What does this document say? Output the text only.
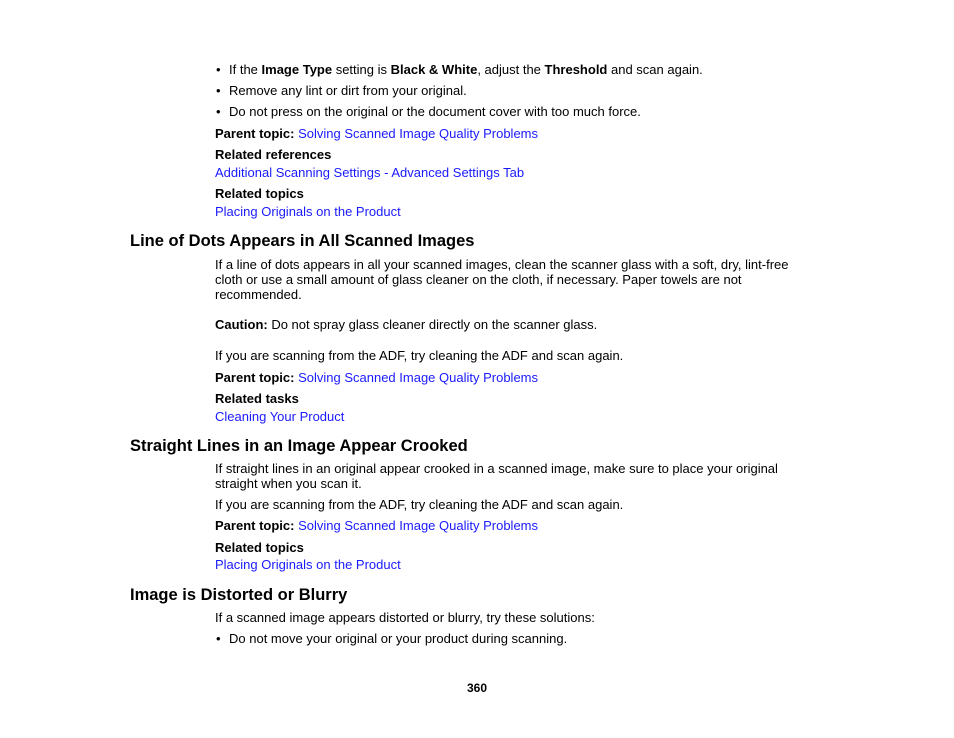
• If the Image Type setting is Black & White, adjust the Threshold and scan again.
• Remove any lint or dirt from your original.
• Do not press on the original or the document cover with too much force.
Parent topic: Solving Scanned Image Quality Problems
Related references
Additional Scanning Settings - Advanced Settings Tab
Related topics
Placing Originals on the Product
Line of Dots Appears in All Scanned Images
If a line of dots appears in all your scanned images, clean the scanner glass with a soft, dry, lint-free cloth or use a small amount of glass cleaner on the cloth, if necessary. Paper towels are not recommended.
Caution: Do not spray glass cleaner directly on the scanner glass.
If you are scanning from the ADF, try cleaning the ADF and scan again.
Parent topic: Solving Scanned Image Quality Problems
Related tasks
Cleaning Your Product
Straight Lines in an Image Appear Crooked
If straight lines in an original appear crooked in a scanned image, make sure to place your original straight when you scan it.
If you are scanning from the ADF, try cleaning the ADF and scan again.
Parent topic: Solving Scanned Image Quality Problems
Related topics
Placing Originals on the Product
Image is Distorted or Blurry
If a scanned image appears distorted or blurry, try these solutions:
• Do not move your original or your product during scanning.
360
